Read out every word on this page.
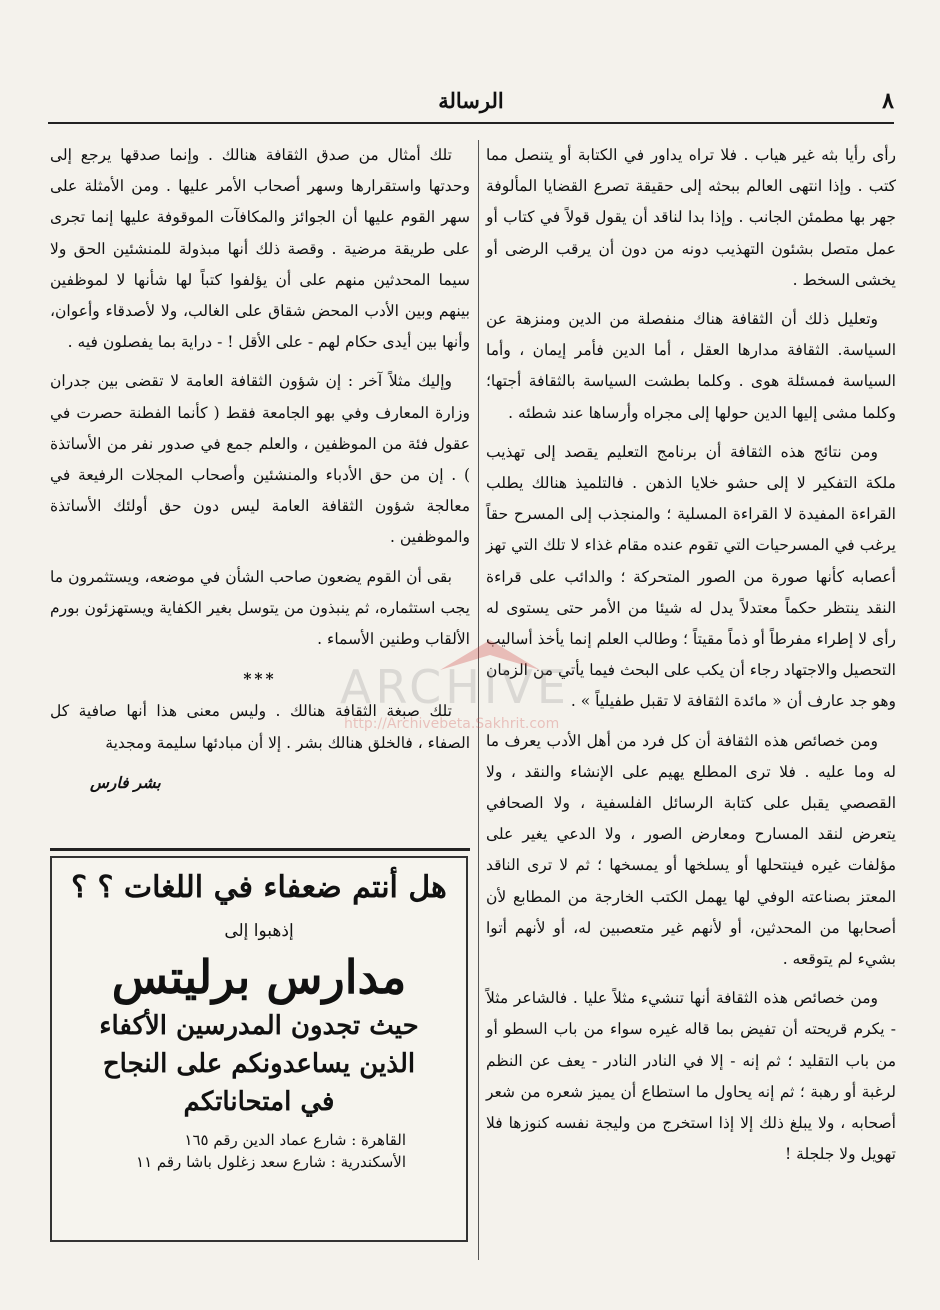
٨
الرسالة

رأى رأيا بثه غير هياب . فلا تراه يداور في الكتابة أو يتنصل مما كتب . وإذا انتهى العالم ببحثه إلى حقيقة تصرع القضايا المألوفة جهر بها مطمئن الجانب . وإذا بدا لناقد أن يقول قولاً في كتاب أو عمل متصل بشئون التهذيب دونه من دون أن يرقب الرضى أو يخشى السخط .

وتعليل ذلك أن الثقافة هناك منفصلة من الدين ومنزهة عن السياسة. الثقافة مدارها العقل ، أما الدين فأمر إيمان ، وأما السياسة فمسئلة هوى . وكلما بطشت السياسة بالثقافة أجتها؛ وكلما مشى إليها الدين حولها إلى مجراه وأرساها عند شطئه .

ومن نتائج هذه الثقافة أن برنامج التعليم يقصد إلى تهذيب ملكة التفكير لا إلى حشو خلايا الذهن . فالتلميذ هنالك يطلب القراءة المفيدة لا القراءة المسلية ؛ والمنجذب إلى المسرح حقاً يرغب في المسرحيات التي تقوم عنده مقام غذاء لا تلك التي تهز أعصابه كأنها صورة من الصور المتحركة ؛ والدائب على قراءة النقد ينتظر حكماً معتدلاً يدل له شيئا من الأمر حتى يستوى له رأى لا إطراء مفرطاً أو ذماً مقيتاً ؛ وطالب العلم إنما يأخذ أساليب التحصيل والاجتهاد رجاء أن يكب على البحث فيما يأتي من الزمان وهو جد عارف أن « مائدة الثقافة لا تقبل طفيلياً » .

ومن خصائص هذه الثقافة أن كل فرد من أهل الأدب يعرف ما له وما عليه . فلا ترى المطلع يهيم على الإنشاء والنقد ، ولا القصصي يقبل على كتابة الرسائل الفلسفية ، ولا الصحافي يتعرض لنقد المسارح ومعارض الصور ، ولا الدعي يغير على مؤلفات غيره فينتحلها أو يسلخها أو يمسخها ؛ ثم لا ترى الناقد المعتز بصناعته الوفي لها يهمل الكتب الخارجة من المطابع لأن أصحابها من المحدثين، أو لأنهم غير متعصبين له، أو لأنهم أتوا بشيء لم يتوقعه .

ومن خصائص هذه الثقافة أنها تنشيء مثلاً عليا . فالشاعر مثلاً - يكرم قريحته أن تفيض بما قاله غيره سواء من باب السطو أو من باب التقليد ؛ ثم إنه - إلا في النادر النادر - يعف عن النظم لرغبة أو رهبة ؛ ثم إنه يحاول ما استطاع أن يميز شعره من شعر أصحابه ، ولا يبلغ ذلك إلا إذا استخرج من ولیجة نفسه كنوزها فلا تهويل ولا جلجلة !

تلك أمثال من صدق الثقافة هنالك . وإنما صدقها يرجع إلى وحدتها واستقرارها وسهر أصحاب الأمر عليها . ومن الأمثلة على سهر القوم عليها أن الجوائز والمكافآت الموقوفة عليها إنما تجرى على طريقة مرضية . وقصة ذلك أنها مبذولة للمنشئين الحق ولا سيما المحدثين منهم على أن يؤلفوا كتباً لها شأنها لا لموظفين بينهم وبين الأدب المحض شقاق على الغالب، ولا لأصدقاء وأعوان، وأنها بين أيدى حكام لهم - على الأقل ! - دراية بما يفصلون فيه .

وإليك مثلاً آخر : إن شؤون الثقافة العامة لا تقضى بين جدران وزارة المعارف وفي بهو الجامعة فقط ( كأنما الفطنة حصرت في عقول فئة من الموظفين ، والعلم جمع في صدور نفر من الأساتذة ) . إن من حق الأدباء والمنشئين وأصحاب المجلات الرفيعة في معالجة شؤون الثقافة العامة ليس دون حق أولئك الأساتذة والموظفين .

بقى أن القوم يضعون صاحب الشأن في موضعه، ويستثمرون ما يجب استثماره، ثم ينبذون من يتوسل بغير الكفاية ويستهزئون بورم الألقاب وطنين الأسماء .

***

تلك صبغة الثقافة هنالك . وليس معنى هذا أنها صافية كل الصفاء ، فالخلق هنالك بشر . إلا أن مبادئها سليمة ومجدية

بشر فارس
هل أنتم ضعفاء في اللغات ؟ ؟
إذهبوا إلى
مدارس برليتس
حيث تجدون المدرسين الأكفاء
الذين يساعدونكم على النجاح
في امتحاناتكم
القاهرة : شارع عماد الدين رقم ١٦٥
الأسكندرية : شارع سعد زغلول باشا رقم ١١
ARCHIVE
http://Archivebeta.Sakhrit.com
